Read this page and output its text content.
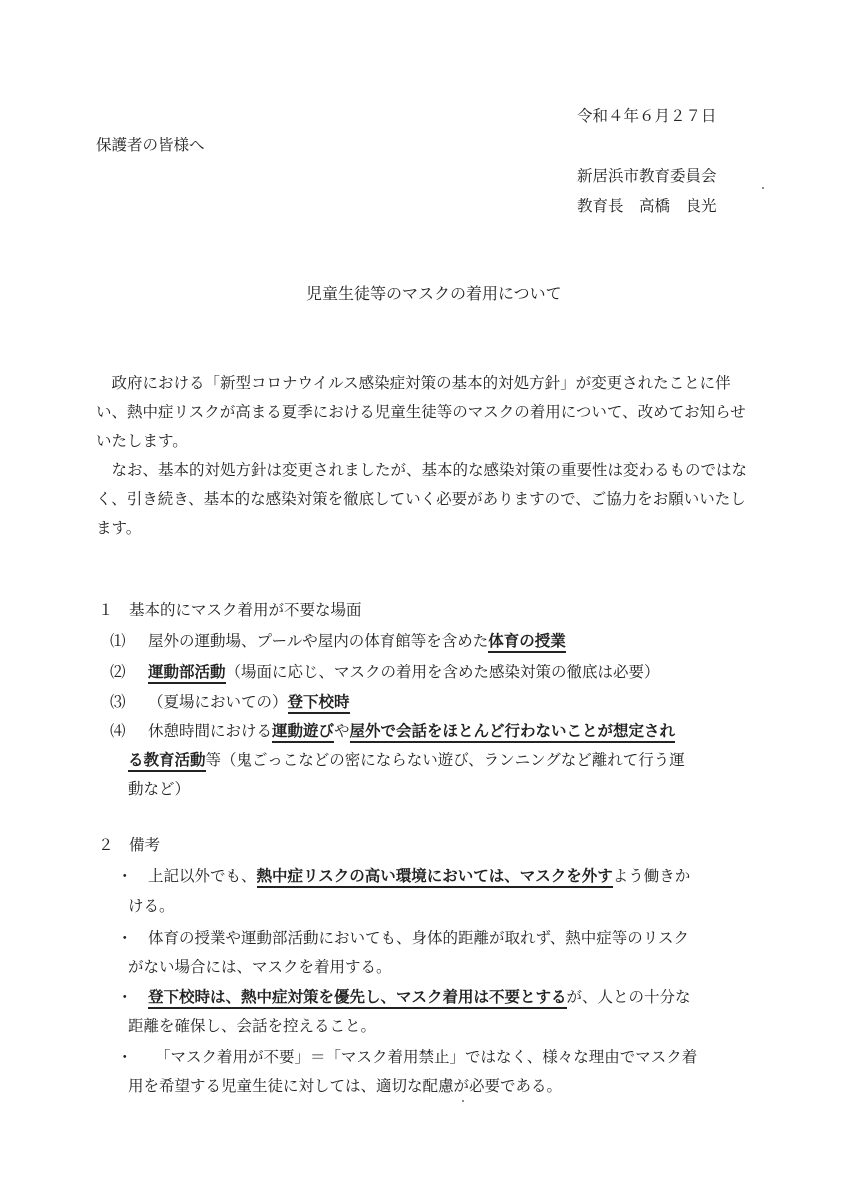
令和４年６月２７日
保護者の皆様へ
新居浜市教育委員会
教育長　高橋　良光
児童生徒等のマスクの着用について

政府における「新型コロナウイルス感染症対策の基本的対処方針」が変更されたことに伴い、熱中症リスクが高まる夏季における児童生徒等のマスクの着用について、改めてお知らせいたします。

なお、基本的対処方針は変更されましたが、基本的な感染対策の重要性は変わるものではなく、引き続き、基本的な感染対策を徹底していく必要がありますので、ご協力をお願いいたします。

１　基本的にマスク着用が不要な場面
⑴ 屋外の運動場、プールや屋内の体育館等を含めた体育の授業
⑵ 運動部活動（場面に応じ、マスクの着用を含めた感染対策の徹底は必要）
⑶ （夏場においての）登下校時
⑷ 休憩時間における運動遊びや屋外で会話をほとんど行わないことが想定され
る教育活動等（鬼ごっこなどの密にならない遊び、ランニングなど離れて行う運
動など）
２　備考
・ 上記以外でも、熱中症リスクの高い環境においては、マスクを外すよう働きか
ける。
・ 体育の授業や運動部活動においても、身体的距離が取れず、熱中症等のリスク
がない場合には、マスクを着用する。
・ 登下校時は、熱中症対策を優先し、マスク着用は不要とするが、人との十分な
距離を確保し、会話を控えること。
・ 「マスク着用が不要」＝「マスク着用禁止」ではなく、様々な理由でマスク着
用を希望する児童生徒に対しては、適切な配慮が必要である。
